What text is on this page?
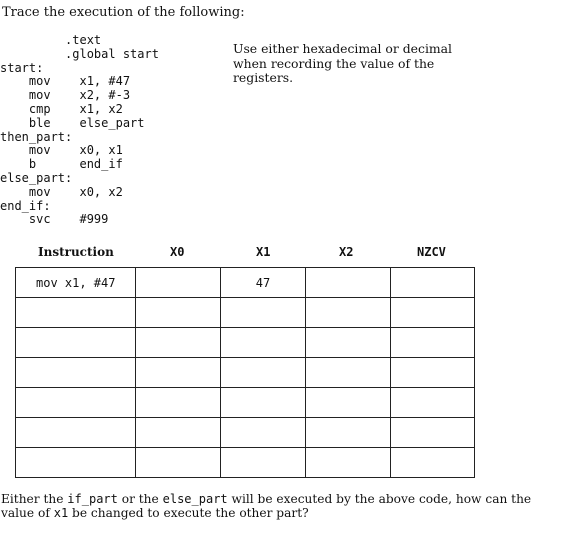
Trace the execution of the following:
.text
.global start
start:
mov    x1, #47
mov    x2, #-3
cmp    x1, x2
ble    else_part
then_part:
mov    x0, x1
b      end_if
else_part:
mov    x0, x2
end_if:
svc    #999
Use either hexadecimal or decimal when recording the value of the registers.
Instruction	X0	X1	X2	NZCV
mov x1, #47		47		

Either the if_part or the else_part will be executed by the above code, how can the value of x1 be changed to execute the other part?
